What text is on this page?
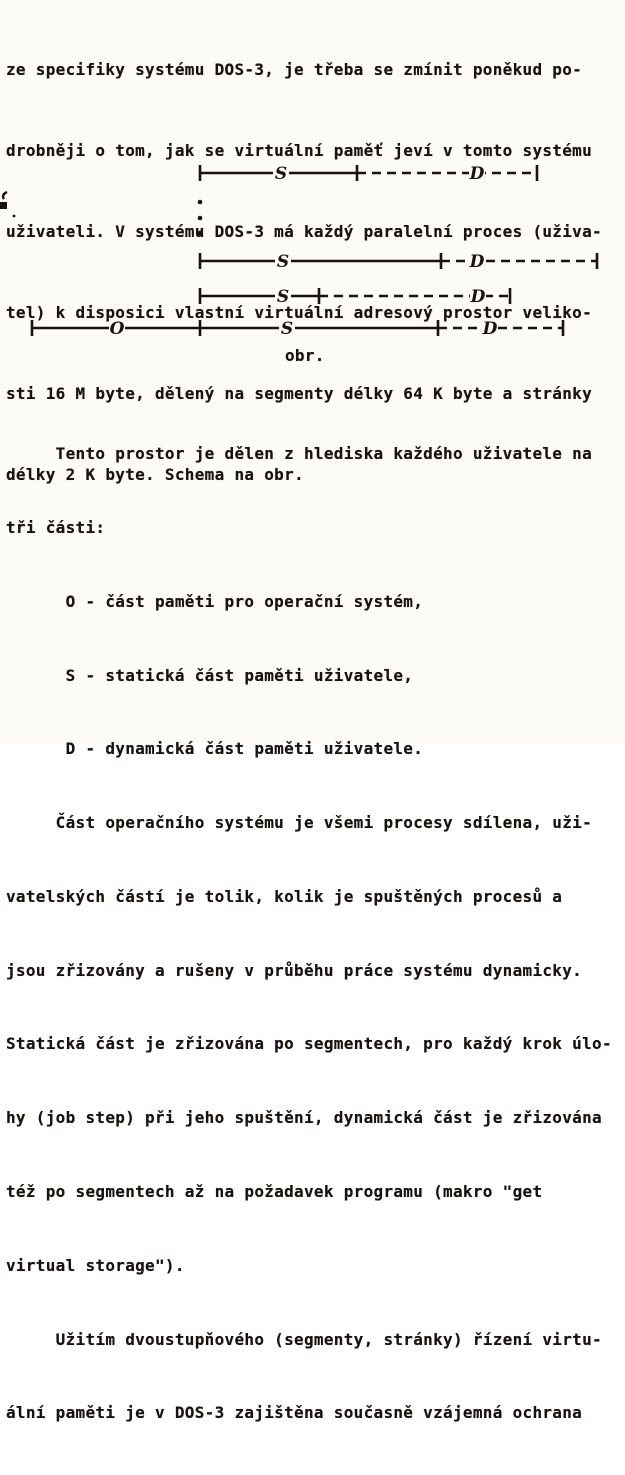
S	D
S	D
S	D
O	S	D

ze specifiky systému DOS-3, je třeba se zmínit poněkud po-

drobněji o tom, jak se virtuální paměť jeví v tomto systému

uživateli. V systému DOS-3 má každý paralelní proces (uživa-

tel) k disposici vlastní virtuální adresový prostor veliko-

sti 16 M byte, dělený na segmenty délky 64 K byte a stránky

délky 2 K byte. Schema na obr.

obr.

Tento prostor je dělen z hlediska každého uživatele na

tři části:

O - část paměti pro operační systém,

S - statická část paměti uživatele,

D - dynamická část paměti uživatele.

Část operačního systému je všemi procesy sdílena, uži-

vatelských částí je tolik, kolik je spuštěných procesů a

jsou zřizovány a rušeny v průběhu práce systému dynamicky.

Statická část je zřizována po segmentech, pro každý krok úlo-

hy (job step) při jeho spuštění, dynamická část je zřizována

též po segmentech až na požadavek programu (makro "get

virtual storage").

Užitím dvoustupňového (segmenty, stránky) řízení virtu-

ální paměti je v DOS-3 zajištěna současně vzájemná ochrana
